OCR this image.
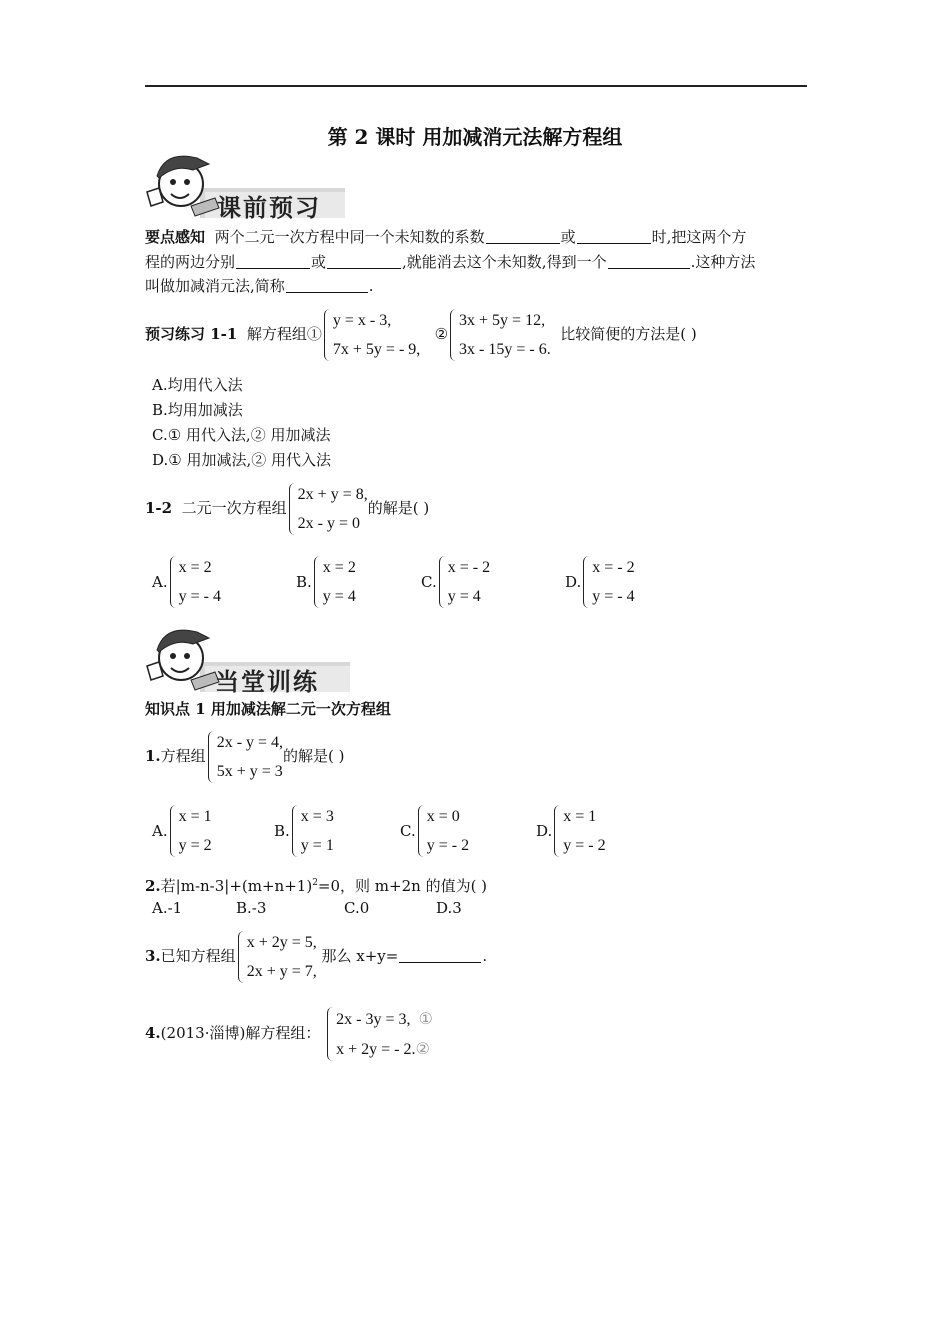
第 2 课时 用加减消元法解方程组
课前预习
要点感知 两个二元一次方程中同一个未知数的系数	或	时,把这两个方
程的两边分别	或	,就能消去这个未知数,得到一个	.这种方法
叫做加减消元法,简称	.
预习练习 1-1 解方程组①
y = x - 3,
7x + 5y = - 9,
②
3x + 5y = 12,
3x - 15y = - 6.
比较简便的方法是( )
A.均用代入法
B.均用加减法
C.① 用代入法,② 用加减法
D.① 用加减法,② 用代入法
1-2 二元一次方程组
2x + y = 8,
2x - y = 0
的解是( )
A.
x = 2
y = - 4
B.
x = 2
y = 4
C.
x = - 2
y = 4
D.
x = - 2
y = - 4
当堂训练
知识点 1 用加减法解二元一次方程组
1.方程组
2x - y = 4,
5x + y = 3
的解是( )
A.
x = 1
y = 2
B.
x = 3
y = 1
C.
x = 0
y = - 2
D.
x = 1
y = - 2
2.若$|m-n-3|+(m+n+1)^2=0$，则 m+2n 的值为( )
A.-1	B.-3	C.0	D.3
3.已知方程组
x + 2y = 5,
2x + y = 7,
那么 x+y=	.
4.(2013·淄博)解方程组：
2x - 3y = 3, ①
x + 2y = - 2.②
